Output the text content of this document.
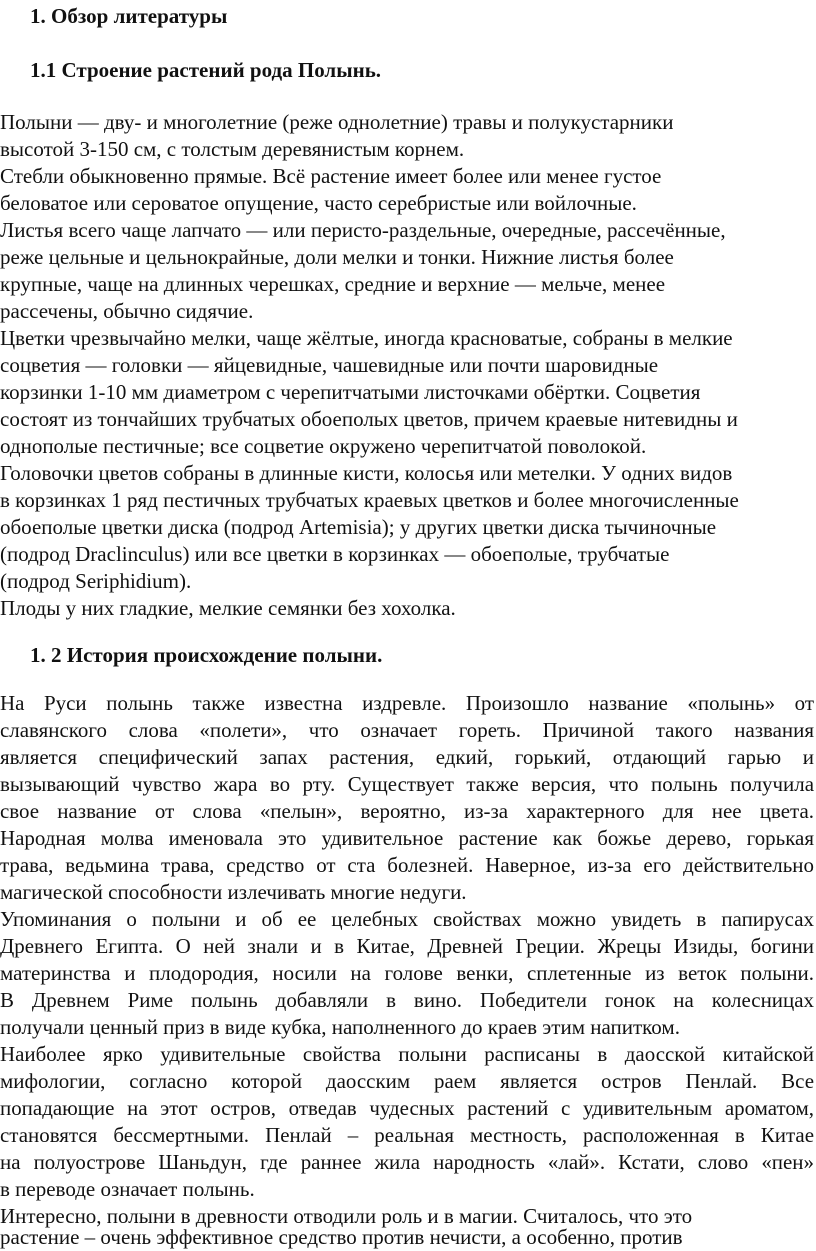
1. Обзор литературы
1.1 Строение растений рода Полынь.
Полыни — дву- и многолетние (реже однолетние) травы и полукустарники
высотой 3-150 см, с толстым деревянистым корнем.
Стебли обыкновенно прямые. Всё растение имеет более или менее густое
беловатое или сероватое опущение, часто серебристые или войлочные.
Листья всего чаще лапчато — или перисто-раздельные, очередные, рассечённые,
реже цельные и цельнокрайные, доли мелки и тонки. Нижние листья более
крупные, чаще на длинных черешках, средние и верхние — мельче, менее
рассечены, обычно сидячие.
Цветки чрезвычайно мелки, чаще жёлтые, иногда красноватые, собраны в мелкие
соцветия — головки — яйцевидные, чашевидные или почти шаровидные
корзинки 1-10 мм диаметром с черепитчатыми листочками обёртки. Соцветия
состоят из тончайших трубчатых обоеполых цветов, причем краевые нитевидны и
однополые пестичные; все соцветие окружено черепитчатой поволокой.
Головочки цветов собраны в длинные кисти, колосья или метелки. У одних видов
в корзинках 1 ряд пестичных трубчатых краевых цветков и более многочисленные
обоеполые цветки диска (подрод Artemisia); у других цветки диска тычиночные
(подрод Draclinculus) или все цветки в корзинках — обоеполые, трубчатые
(подрод Seriphidium).
Плоды у них гладкие, мелкие семянки без хохолка.
1. 2 История происхождение полыни.
На Руси полынь также известна издревле. Произошло название «полынь» от
славянского слова «полети», что означает гореть. Причиной такого названия
является специфический запах растения, едкий, горький, отдающий гарью и
вызывающий чувство жара во рту. Существует также версия, что полынь получила
свое название от слова «пелын», вероятно, из-за характерного для нее цвета.
Народная молва именовала это удивительное растение как божье дерево, горькая
трава, ведьмина трава, средство от ста болезней. Наверное, из-за его действительно
магической способности излечивать многие недуги.
Упоминания о полыни и об ее целебных свойствах можно увидеть в папирусах
Древнего Египта. О ней знали и в Китае, Древней Греции. Жрецы Изиды, богини
материнства и плодородия, носили на голове венки, сплетенные из веток полыни.
В Древнем Риме полынь добавляли в вино. Победители гонок на колесницах
получали ценный приз в виде кубка, наполненного до краев этим напитком.
Наиболее ярко удивительные свойства полыни расписаны в даосской китайской
мифологии, согласно которой даосским раем является остров Пенлай. Все
попадающие на этот остров, отведав чудесных растений с удивительным ароматом,
становятся бессмертными. Пенлай – реальная местность, расположенная в Китае
на полуострове Шаньдун, где раннее жила народность «лай». Кстати, слово «пен»
в переводе означает полынь.
Интересно, полыни в древности отводили роль и в магии. Считалось, что это
растение – очень эффективное средство против нечисти, а особенно, против
